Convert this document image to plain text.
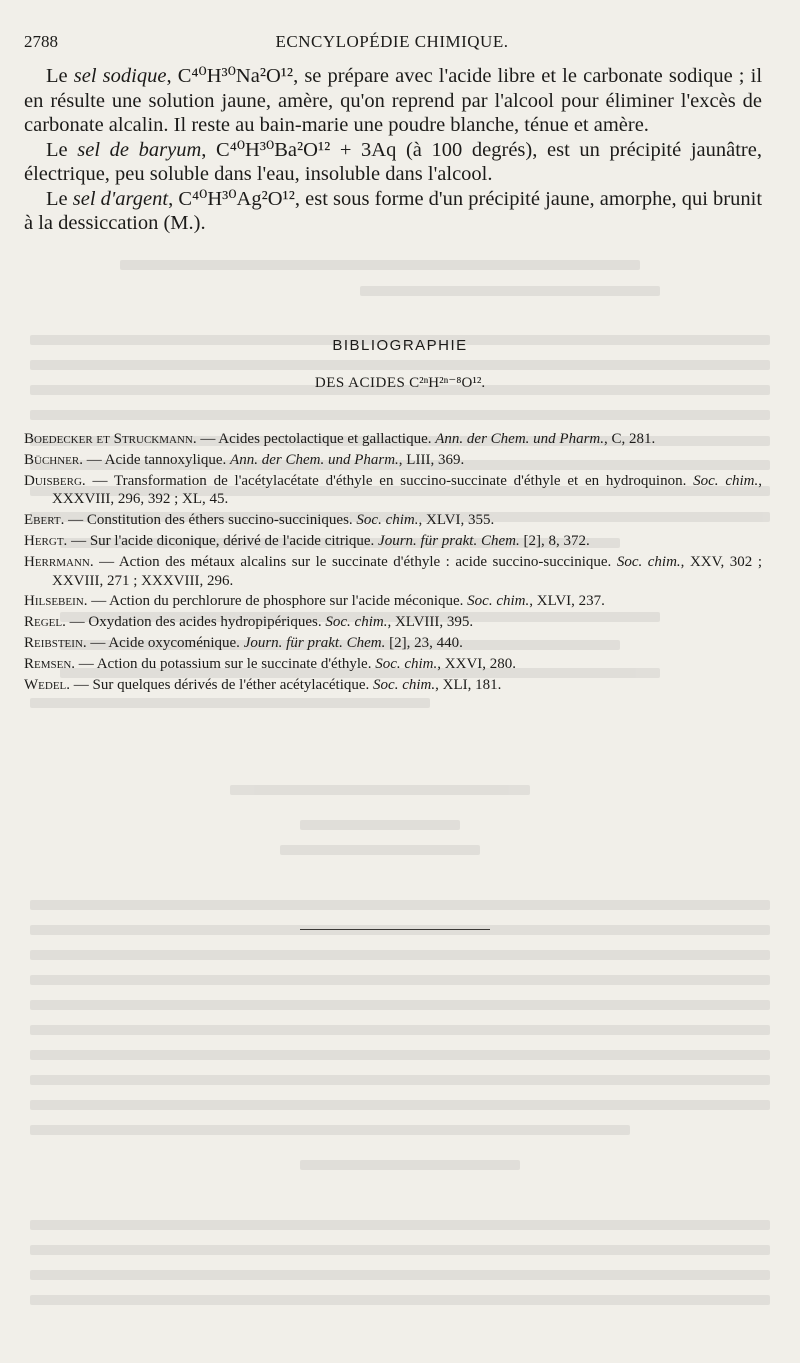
2788	ECNCYLOPÉDIE CHIMIQUE.

Le sel sodique, C⁴⁰H³⁰Na²O¹², se prépare avec l'acide libre et le carbonate sodique ; il en résulte une solution jaune, amère, qu'on reprend par l'alcool pour éliminer l'excès de carbonate alcalin. Il reste au bain-marie une poudre blanche, ténue et amère.

Le sel de baryum, C⁴⁰H³⁰Ba²O¹² + 3Aq (à 100 degrés), est un précipité jaunâtre, électrique, peu soluble dans l'eau, insoluble dans l'alcool.

Le sel d'argent, C⁴⁰H³⁰Ag²O¹², est sous forme d'un précipité jaune, amorphe, qui brunit à la dessiccation (M.).

BIBLIOGRAPHIE
DES ACIDES C²ⁿH²ⁿ⁻⁸O¹².

Boedecker et Struckmann. — Acides pectolactique et gallactique. Ann. der Chem. und Pharm., C, 281.

Büchner. — Acide tannoxylique. Ann. der Chem. und Pharm., LIII, 369.

Duisberg. — Transformation de l'acétylacétate d'éthyle en succino-succinate d'éthyle et en hydroquinon. Soc. chim., XXXVIII, 296, 392 ; XL, 45.

Ebert. — Constitution des éthers succino-succiniques. Soc. chim., XLVI, 355.

Hergt. — Sur l'acide diconique, dérivé de l'acide citrique. Journ. für prakt. Chem. [2], 8, 372.

Herrmann. — Action des métaux alcalins sur le succinate d'éthyle : acide succino-succinique. Soc. chim., XXV, 302 ; XXVIII, 271 ; XXXVIII, 296.

Hilsebein. — Action du perchlorure de phosphore sur l'acide méconique. Soc. chim., XLVI, 237.

Regel. — Oxydation des acides hydropipériques. Soc. chim., XLVIII, 395.

Reibstein. — Acide oxycoménique. Journ. für prakt. Chem. [2], 23, 440.

Remsen. — Action du potassium sur le succinate d'éthyle. Soc. chim., XXVI, 280.

Wedel. — Sur quelques dérivés de l'éther acétylacétique. Soc. chim., XLI, 181.
